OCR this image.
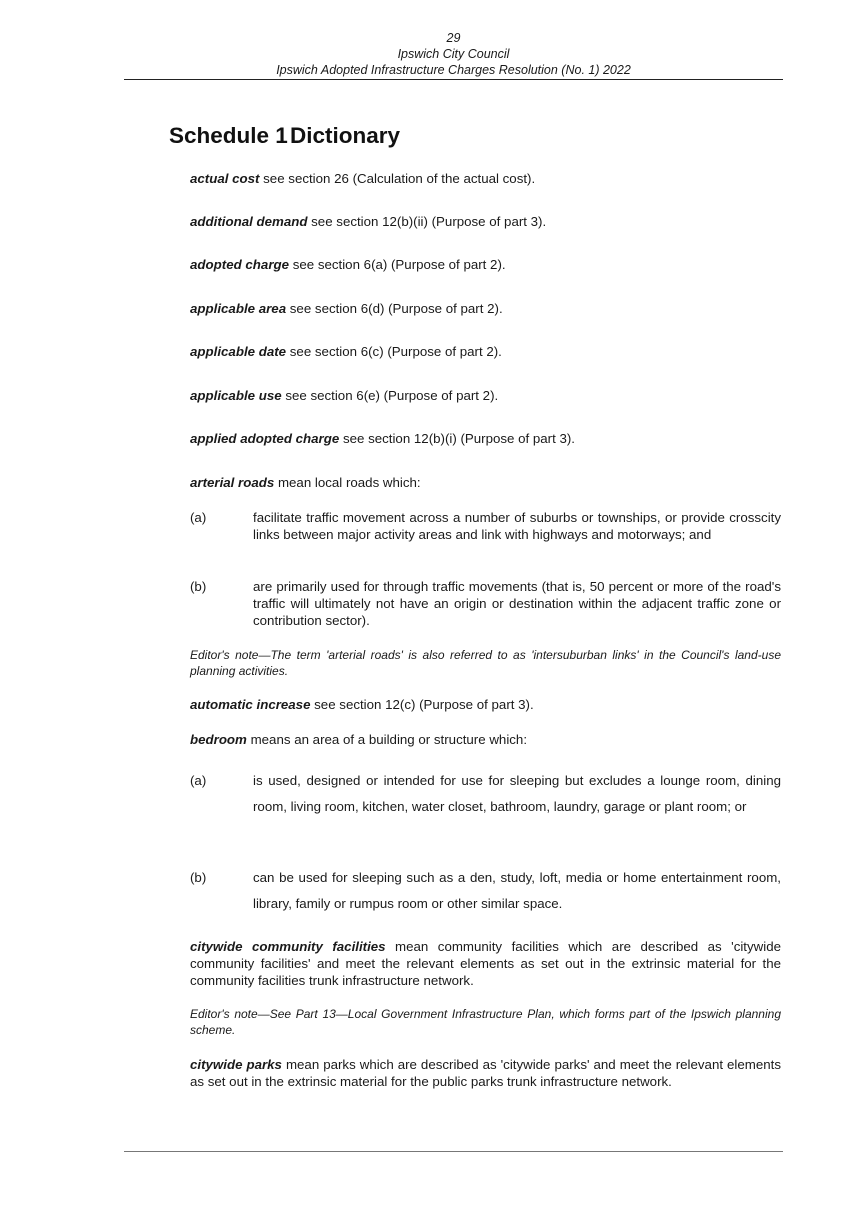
29
Ipswich City Council
Ipswich Adopted Infrastructure Charges Resolution (No. 1) 2022
Schedule 1Dictionary

actual cost see section 26 (Calculation of the actual cost).

additional demand see section 12(b)(ii) (Purpose of part 3).

adopted charge see section 6(a) (Purpose of part 2).

applicable area see section 6(d) (Purpose of part 2).

applicable date see section 6(c) (Purpose of part 2).

applicable use see section 6(e) (Purpose of part 2).

applied adopted charge see section 12(b)(i) (Purpose of part 3).

arterial roads mean local roads which:

(a)	facilitate traffic movement across a number of suburbs or townships, or provide crosscity links between major activity areas and link with highways and motorways; and
(b)	are primarily used for through traffic movements (that is, 50 percent or more of the road's traffic will ultimately not have an origin or destination within the adjacent traffic zone or contribution sector).

Editor's note—The term 'arterial roads' is also referred to as 'intersuburban links' in the Council's land-use planning activities.

automatic increase see section 12(c) (Purpose of part 3).

bedroom means an area of a building or structure which:

(a)	is used, designed or intended for use for sleeping but excludes a lounge room, dining room, living room, kitchen, water closet, bathroom, laundry, garage or plant room; or
(b)	can be used for sleeping such as a den, study, loft, media or home entertainment room, library, family or rumpus room or other similar space.

citywide community facilities mean community facilities which are described as 'citywide community facilities' and meet the relevant elements as set out in the extrinsic material for the community facilities trunk infrastructure network.

Editor's note—See Part 13—Local Government Infrastructure Plan, which forms part of the Ipswich planning scheme.

citywide parks mean parks which are described as 'citywide parks' and meet the relevant elements as set out in the extrinsic material for the public parks trunk infrastructure network.
